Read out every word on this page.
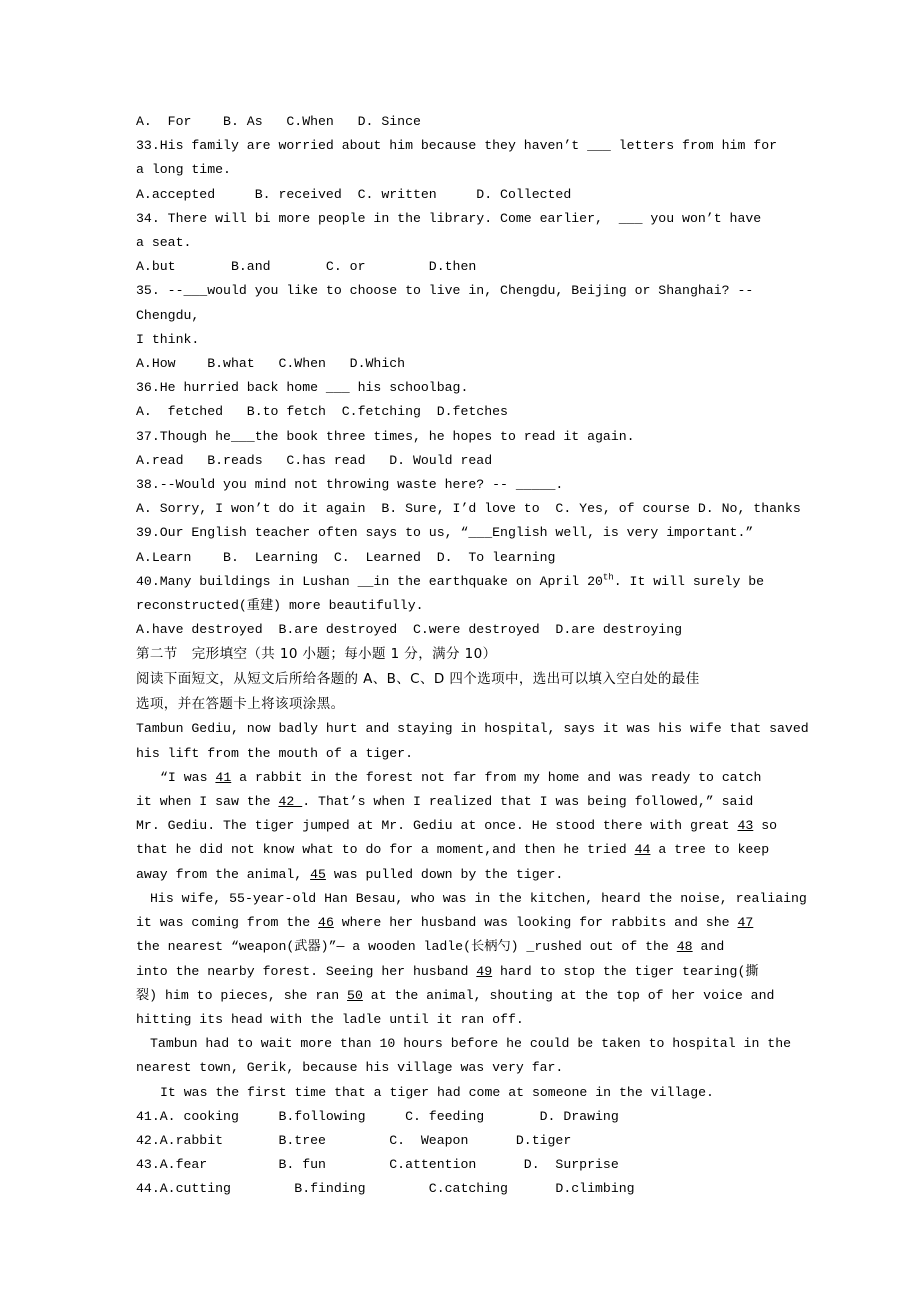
A.  For    B. As   C.When   D. Since
33.His family are worried about him because they haven’t ___ letters from him for
a long time.
A.accepted     B. received  C. written     D. Collected
34. There will bi more people in the library. Come earlier,  ___ you won’t have
a seat.
A.but       B.and       C. or        D.then
35. --___would you like to choose to live in, Chengdu, Beijing or Shanghai? --Chengdu,
I think.
A.How    B.what   C.When   D.Which
36.He hurried back home ___ his schoolbag.
A.  fetched   B.to fetch  C.fetching  D.fetches
37.Though he___the book three times, he hopes to read it again.
A.read   B.reads   C.has read   D. Would read
38.--Would you mind not throwing waste here? -- _____.
A. Sorry, I won’t do it again  B. Sure, I’d love to  C. Yes, of course D. No, thanks
39.Our English teacher often says to us, “___English well, is very important.”
A.Learn    B.  Learning  C.  Learned  D.  To learning
40.Many buildings in Lushan __in the earthquake on April 20th. It will surely be
reconstructed(重建) more beautifully.
A.have destroyed  B.are destroyed  C.were destroyed  D.are destroying
第二节   完形填空（共 10 小题；每小题 1 分，满分 10）
阅读下面短文，从短文后所给各题的 A、B、C、D 四个选项中，选出可以填入空白处的最佳
选项，并在答题卡上将该项涂黑。
Tambun Gediu, now badly hurt and staying in hospital, says it was his wife that saved
his lift from the mouth of a tiger.
“I was 41 a rabbit in the forest not far from my home and was ready to catch
it when I saw the 42 . That’s when I realized that I was being followed,” said
Mr. Gediu. The tiger jumped at Mr. Gediu at once. He stood there with great 43 so
that he did not know what to do for a moment,and then he tried 44 a tree to keep
away from the animal, 45 was pulled down by the tiger.
His wife, 55-year-old Han Besau, who was in the kitchen, heard the noise, realiaing
it was coming from the 46 where her husband was looking for rabbits and she 47
the nearest “weapon(武器)”— a wooden ladle(长柄勺) _rushed out of the 48 and
into the nearby forest. Seeing her husband 49 hard to stop the tiger tearing(撕
裂) him to pieces, she ran 50 at the animal, shouting at the top of her voice and
hitting its head with the ladle until it ran off.
Tambun had to wait more than 10 hours before he could be taken to hospital in the
nearest town, Gerik, because his village was very far.
It was the first time that a tiger had come at someone in the village.
41.A. cooking     B.following     C. feeding       D. Drawing
42.A.rabbit       B.tree        C.  Weapon      D.tiger
43.A.fear         B. fun        C.attention      D.  Surprise
44.A.cutting        B.finding        C.catching      D.climbing
